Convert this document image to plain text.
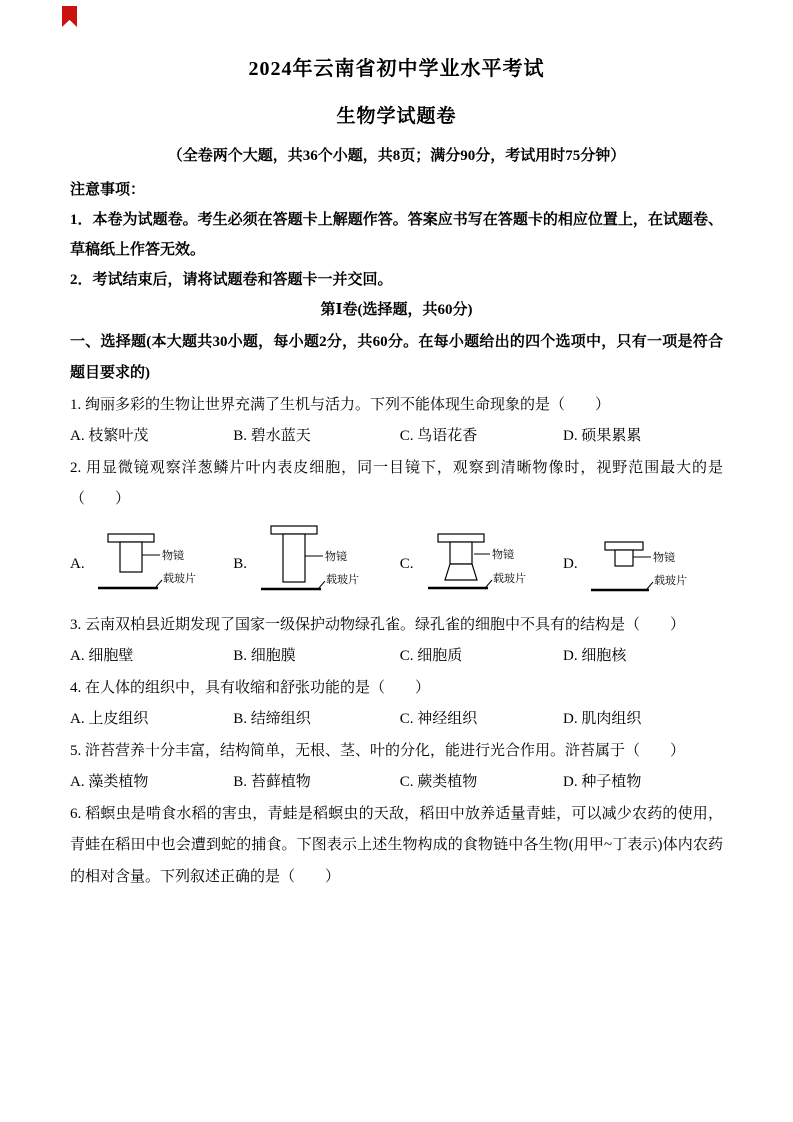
2024年云南省初中学业水平考试
生物学试题卷

（全卷两个大题，共36个小题，共8页；满分90分，考试用时75分钟）

注意事项：

1．本卷为试题卷。考生必须在答题卡上解题作答。答案应书写在答题卡的相应位置上，在试题卷、草稿纸上作答无效。

2．考试结束后，请将试题卷和答题卡一并交回。

第Ⅰ卷(选择题，共60分)

一、选择题(本大题共30小题，每小题2分，共60分。在每小题给出的四个选项中，只有一项是符合题目要求的)

1. 绚丽多彩的生物让世界充满了生机与活力。下列不能体现生命现象的是（　　）

A. 枝繁叶茂	B. 碧水蓝天	C. 鸟语花香	D. 硕果累累

2. 用显微镜观察洋葱鳞片叶内表皮细胞，同一目镜下，观察到清晰物像时，视野范围最大的是（　　）

A.
物镜
载玻片
B.	物镜
载玻片
C.
物镜
载玻片
D.	物镜
载玻片

3. 云南双柏县近期发现了国家一级保护动物绿孔雀。绿孔雀的细胞中不具有的结构是（　　）

A. 细胞壁	B. 细胞膜	C. 细胞质	D. 细胞核

4. 在人体的组织中，具有收缩和舒张功能的是（　　）

A. 上皮组织	B. 结缔组织	C. 神经组织	D. 肌肉组织

5. 浒苔营养十分丰富，结构简单，无根、茎、叶的分化，能进行光合作用。浒苔属于（　　）

A. 藻类植物	B. 苔藓植物	C. 蕨类植物	D. 种子植物

6. 稻螟虫是啃食水稻的害虫，青蛙是稻螟虫的天敌，稻田中放养适量青蛙，可以减少农药的使用，青蛙在稻田中也会遭到蛇的捕食。下图表示上述生物构成的食物链中各生物(用甲~丁表示)体内农药的相对含量。下列叙述正确的是（　　）
